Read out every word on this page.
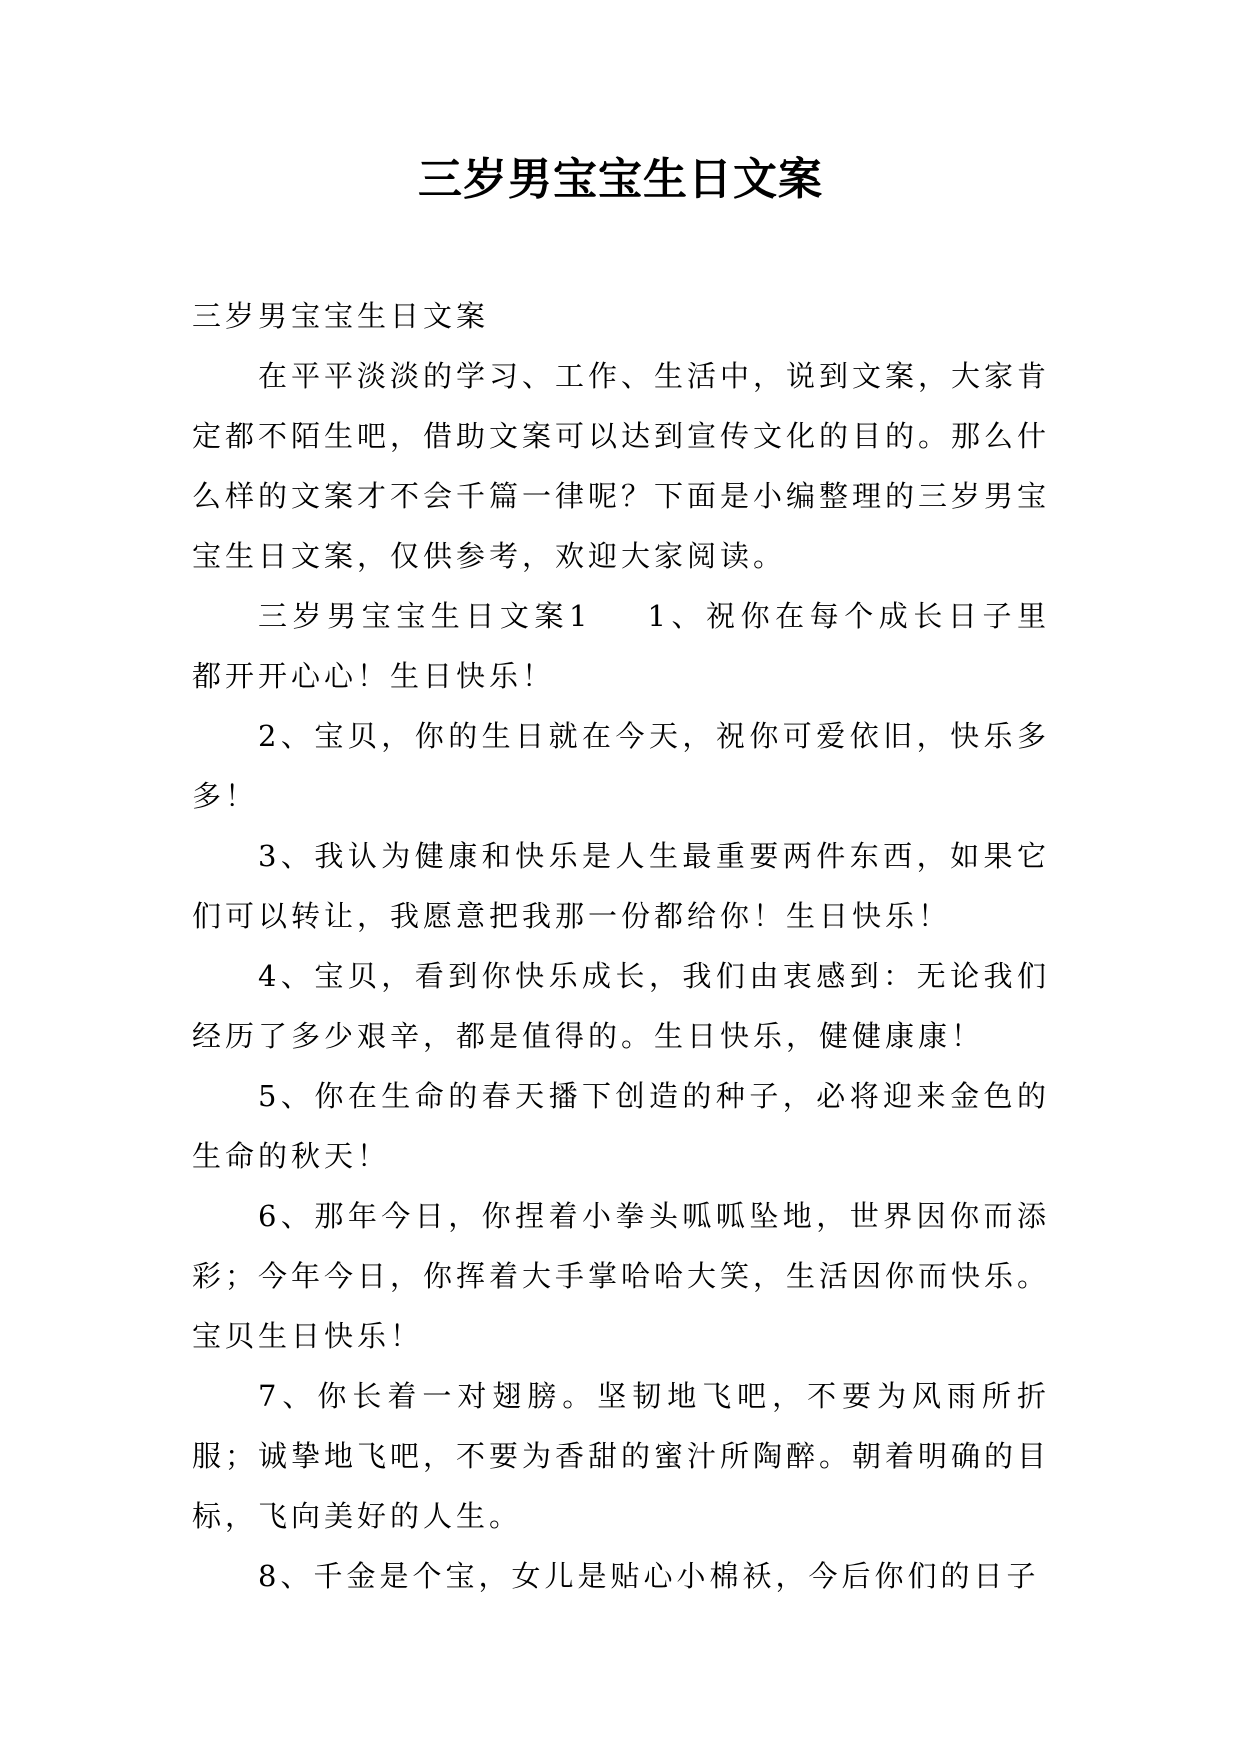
三岁男宝宝生日文案

三岁男宝宝生日文案

在平平淡淡的学习、工作、生活中，说到文案，大家肯定都不陌生吧，借助文案可以达到宣传文化的目的。那么什么样的文案才不会千篇一律呢？下面是小编整理的三岁男宝宝生日文案，仅供参考，欢迎大家阅读。

三岁男宝宝生日文案1 1、祝你在每个成长日子里都开开心心！生日快乐！

2、宝贝，你的生日就在今天，祝你可爱依旧，快乐多多！

3、我认为健康和快乐是人生最重要两件东西，如果它们可以转让，我愿意把我那一份都给你！生日快乐！

4、宝贝，看到你快乐成长，我们由衷感到：无论我们经历了多少艰辛，都是值得的。生日快乐，健健康康！

5、你在生命的春天播下创造的种子，必将迎来金色的生命的秋天！

6、那年今日，你捏着小拳头呱呱坠地，世界因你而添彩；今年今日，你挥着大手掌哈哈大笑，生活因你而快乐。宝贝生日快乐！

7、你长着一对翅膀。坚韧地飞吧，不要为风雨所折服；诚挚地飞吧，不要为香甜的蜜汁所陶醉。朝着明确的目标，飞向美好的人生。

8、千金是个宝，女儿是贴心小棉袄，今后你们的日子
